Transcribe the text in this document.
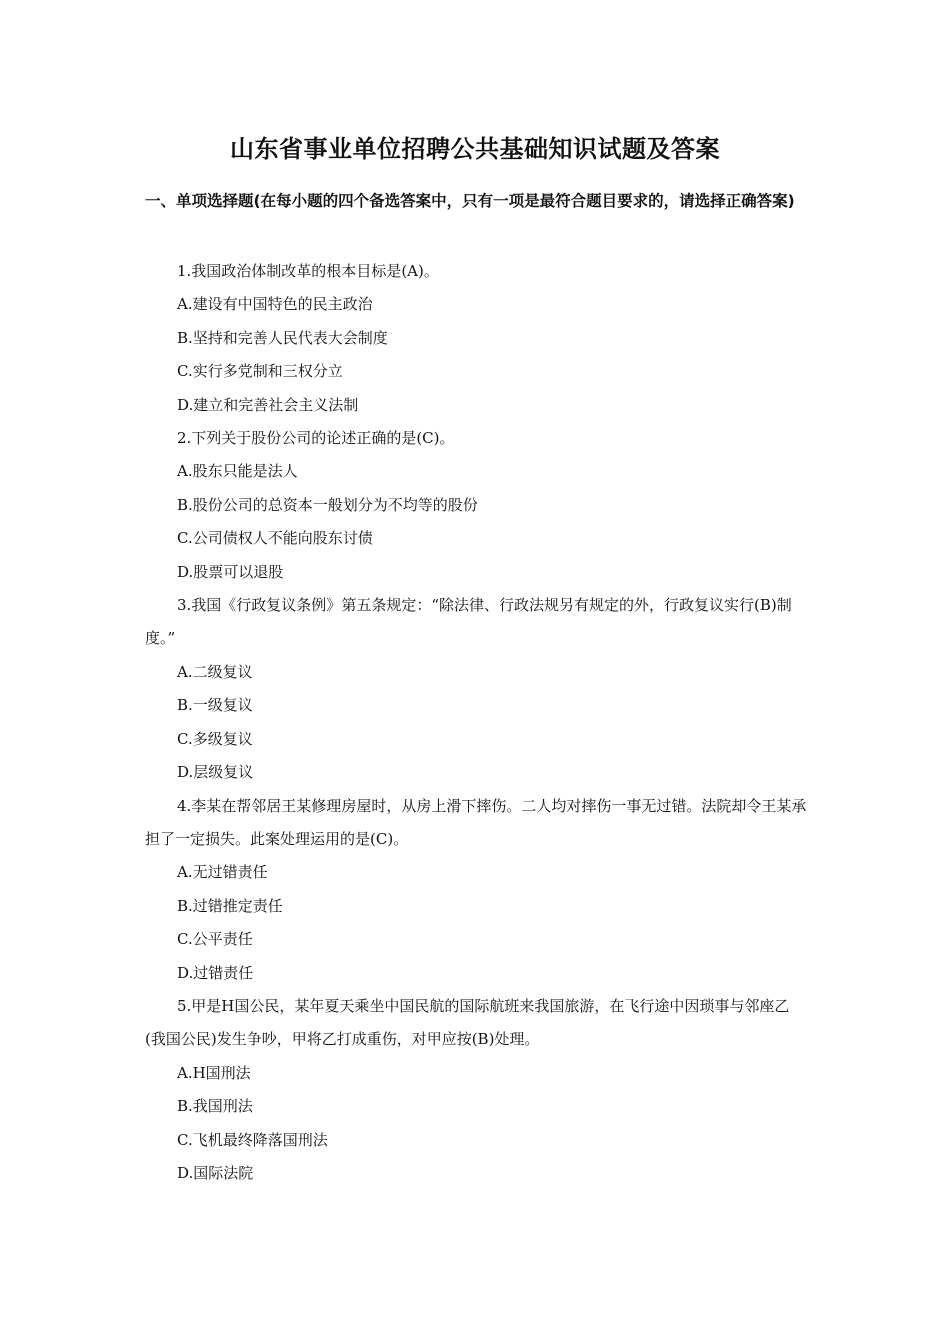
山东省事业单位招聘公共基础知识试题及答案
一、单项选择题(在每小题的四个备选答案中，只有一项是最符合题目要求的，请选择正确答案)

1.我国政治体制改革的根本目标是(A)。

A.建设有中国特色的民主政治

B.坚持和完善人民代表大会制度

C.实行多党制和三权分立

D.建立和完善社会主义法制

2.下列关于股份公司的论述正确的是(C)。

A.股东只能是法人

B.股份公司的总资本一般划分为不均等的股份

C.公司债权人不能向股东讨债

D.股票可以退股

3.我国《行政复议条例》第五条规定：“除法律、行政法规另有规定的外，行政复议实行(B)制度。”

A.二级复议

B.一级复议

C.多级复议

D.层级复议

4.李某在帮邻居王某修理房屋时，从房上滑下摔伤。二人均对摔伤一事无过错。法院却令王某承担了一定损失。此案处理运用的是(C)。

A.无过错责任

B.过错推定责任

C.公平责任

D.过错责任

5.甲是H国公民，某年夏天乘坐中国民航的国际航班来我国旅游，在飞行途中因琐事与邻座乙(我国公民)发生争吵，甲将乙打成重伤，对甲应按(B)处理。

A.H国刑法

B.我国刑法

C.飞机最终降落国刑法

D.国际法院
